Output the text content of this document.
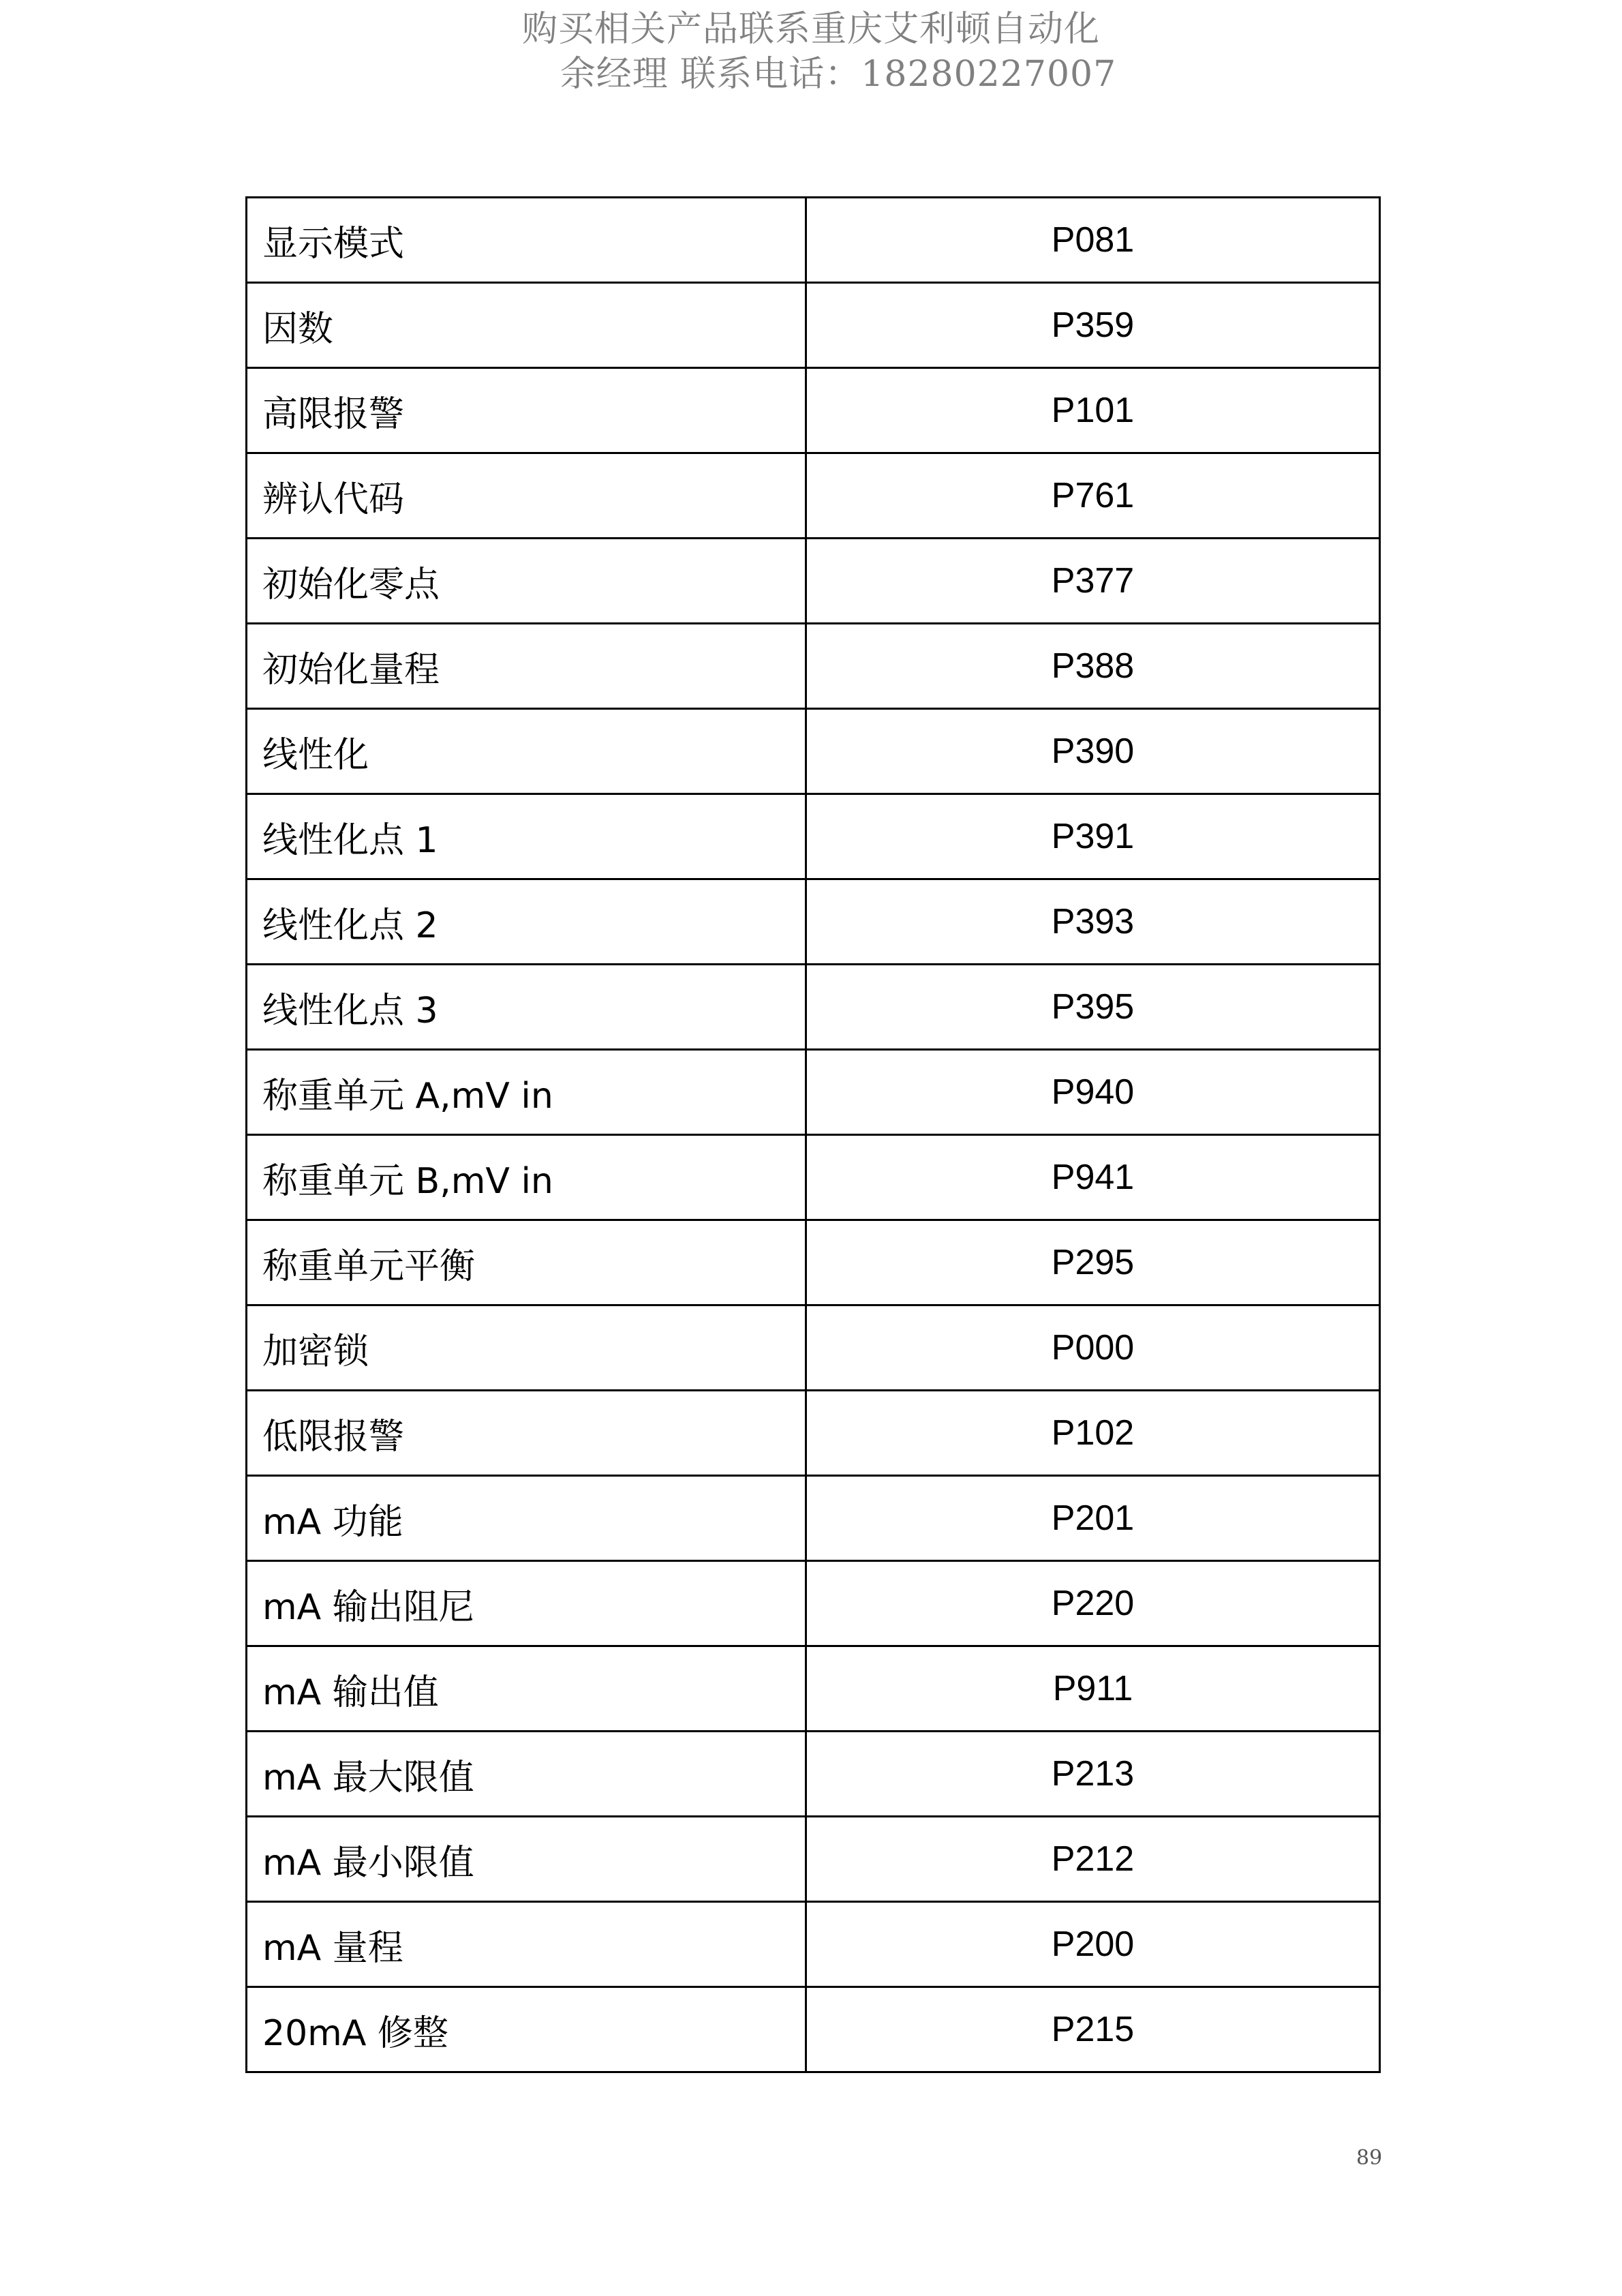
购买相关产品联系重庆艾利顿自动化
余经理 联系电话：18280227007
显示模式	P081
因数	P359
高限报警	P101
辨认代码	P761
初始化零点	P377
初始化量程	P388
线性化	P390
线性化点 1	P391
线性化点 2	P393
线性化点 3	P395
称重单元 A,mV in	P940
称重单元 B,mV in	P941
称重单元平衡	P295
加密锁	P000
低限报警	P102
mA 功能	P201
mA 输出阻尼	P220
mA 输出值	P911
mA 最大限值	P213
mA 最小限值	P212
mA 量程	P200
20mA 修整	P215
89
